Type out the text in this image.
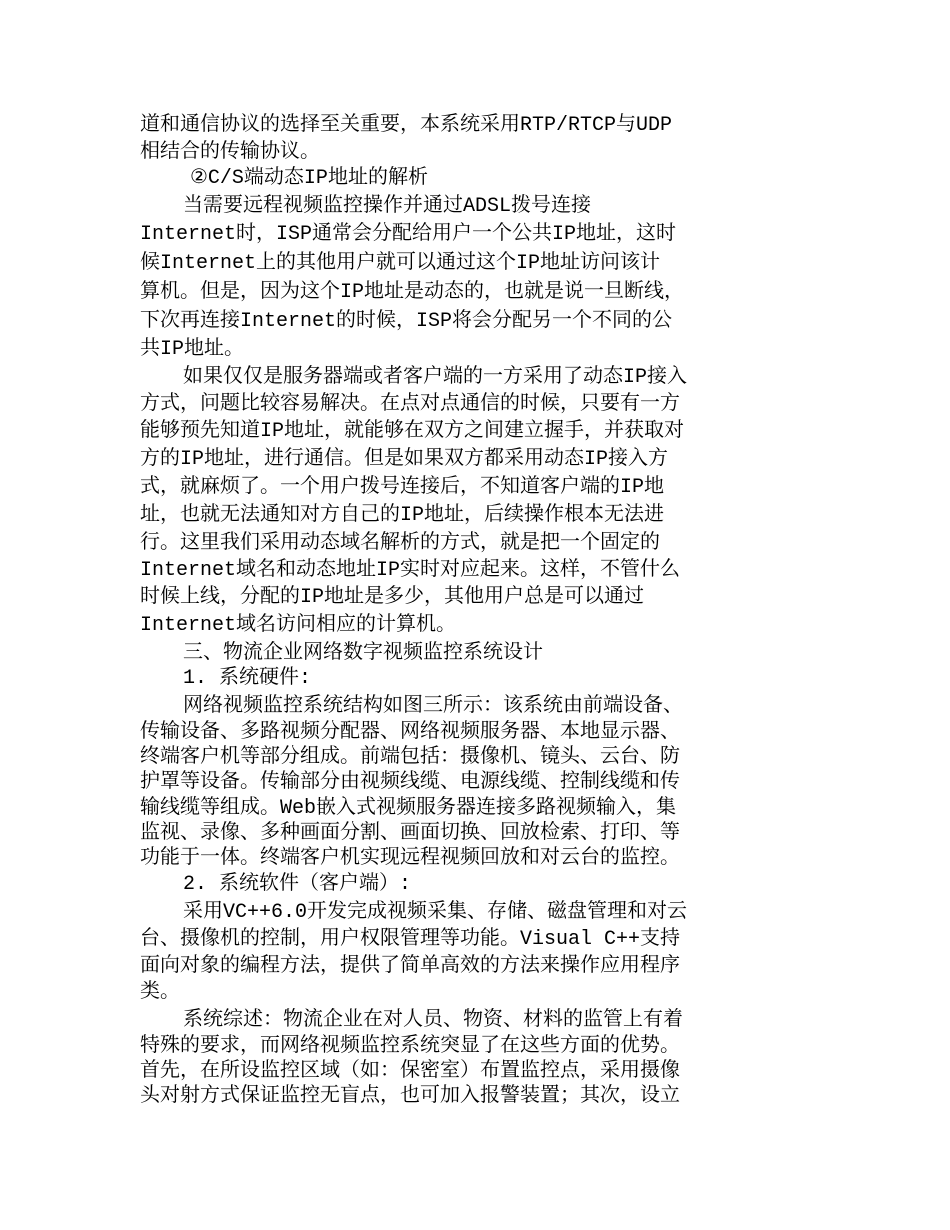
道和通信协议的选择至关重要，本系统采用RTP/RTCP与UDP
相结合的传输协议。
②C/S端动态IP地址的解析
当需要远程视频监控操作并通过ADSL拨号连接
Internet时，ISP通常会分配给用户一个公共IP地址，这时
候Internet上的其他用户就可以通过这个IP地址访问该计
算机。但是，因为这个IP地址是动态的，也就是说一旦断线，
下次再连接Internet的时候，ISP将会分配另一个不同的公
共IP地址。
如果仅仅是服务器端或者客户端的一方采用了动态IP接入
方式，问题比较容易解决。在点对点通信的时候，只要有一方
能够预先知道IP地址，就能够在双方之间建立握手，并获取对
方的IP地址，进行通信。但是如果双方都采用动态IP接入方
式，就麻烦了。一个用户拨号连接后，不知道客户端的IP地
址，也就无法通知对方自己的IP地址，后续操作根本无法进
行。这里我们采用动态域名解析的方式，就是把一个固定的
Internet域名和动态地址IP实时对应起来。这样，不管什么
时候上线，分配的IP地址是多少，其他用户总是可以通过
Internet域名访问相应的计算机。
三、物流企业网络数字视频监控系统设计
1. 系统硬件:
网络视频监控系统结构如图三所示：该系统由前端设备、
传输设备、多路视频分配器、网络视频服务器、本地显示器、
终端客户机等部分组成。前端包括：摄像机、镜头、云台、防
护罩等设备。传输部分由视频线缆、电源线缆、控制线缆和传
输线缆等组成。Web嵌入式视频服务器连接多路视频输入，集
监视、录像、多种画面分割、画面切换、回放检索、打印、等
功能于一体。终端客户机实现远程视频回放和对云台的监控。
2. 系统软件（客户端）:
采用VC++6.0开发完成视频采集、存储、磁盘管理和对云
台、摄像机的控制，用户权限管理等功能。Visual C++支持
面向对象的编程方法，提供了简单高效的方法来操作应用程序
类。
系统综述：物流企业在对人员、物资、材料的监管上有着
特殊的要求，而网络视频监控系统突显了在这些方面的优势。
首先，在所设监控区域（如：保密室）布置监控点，采用摄像
头对射方式保证监控无盲点，也可加入报警装置；其次，设立
